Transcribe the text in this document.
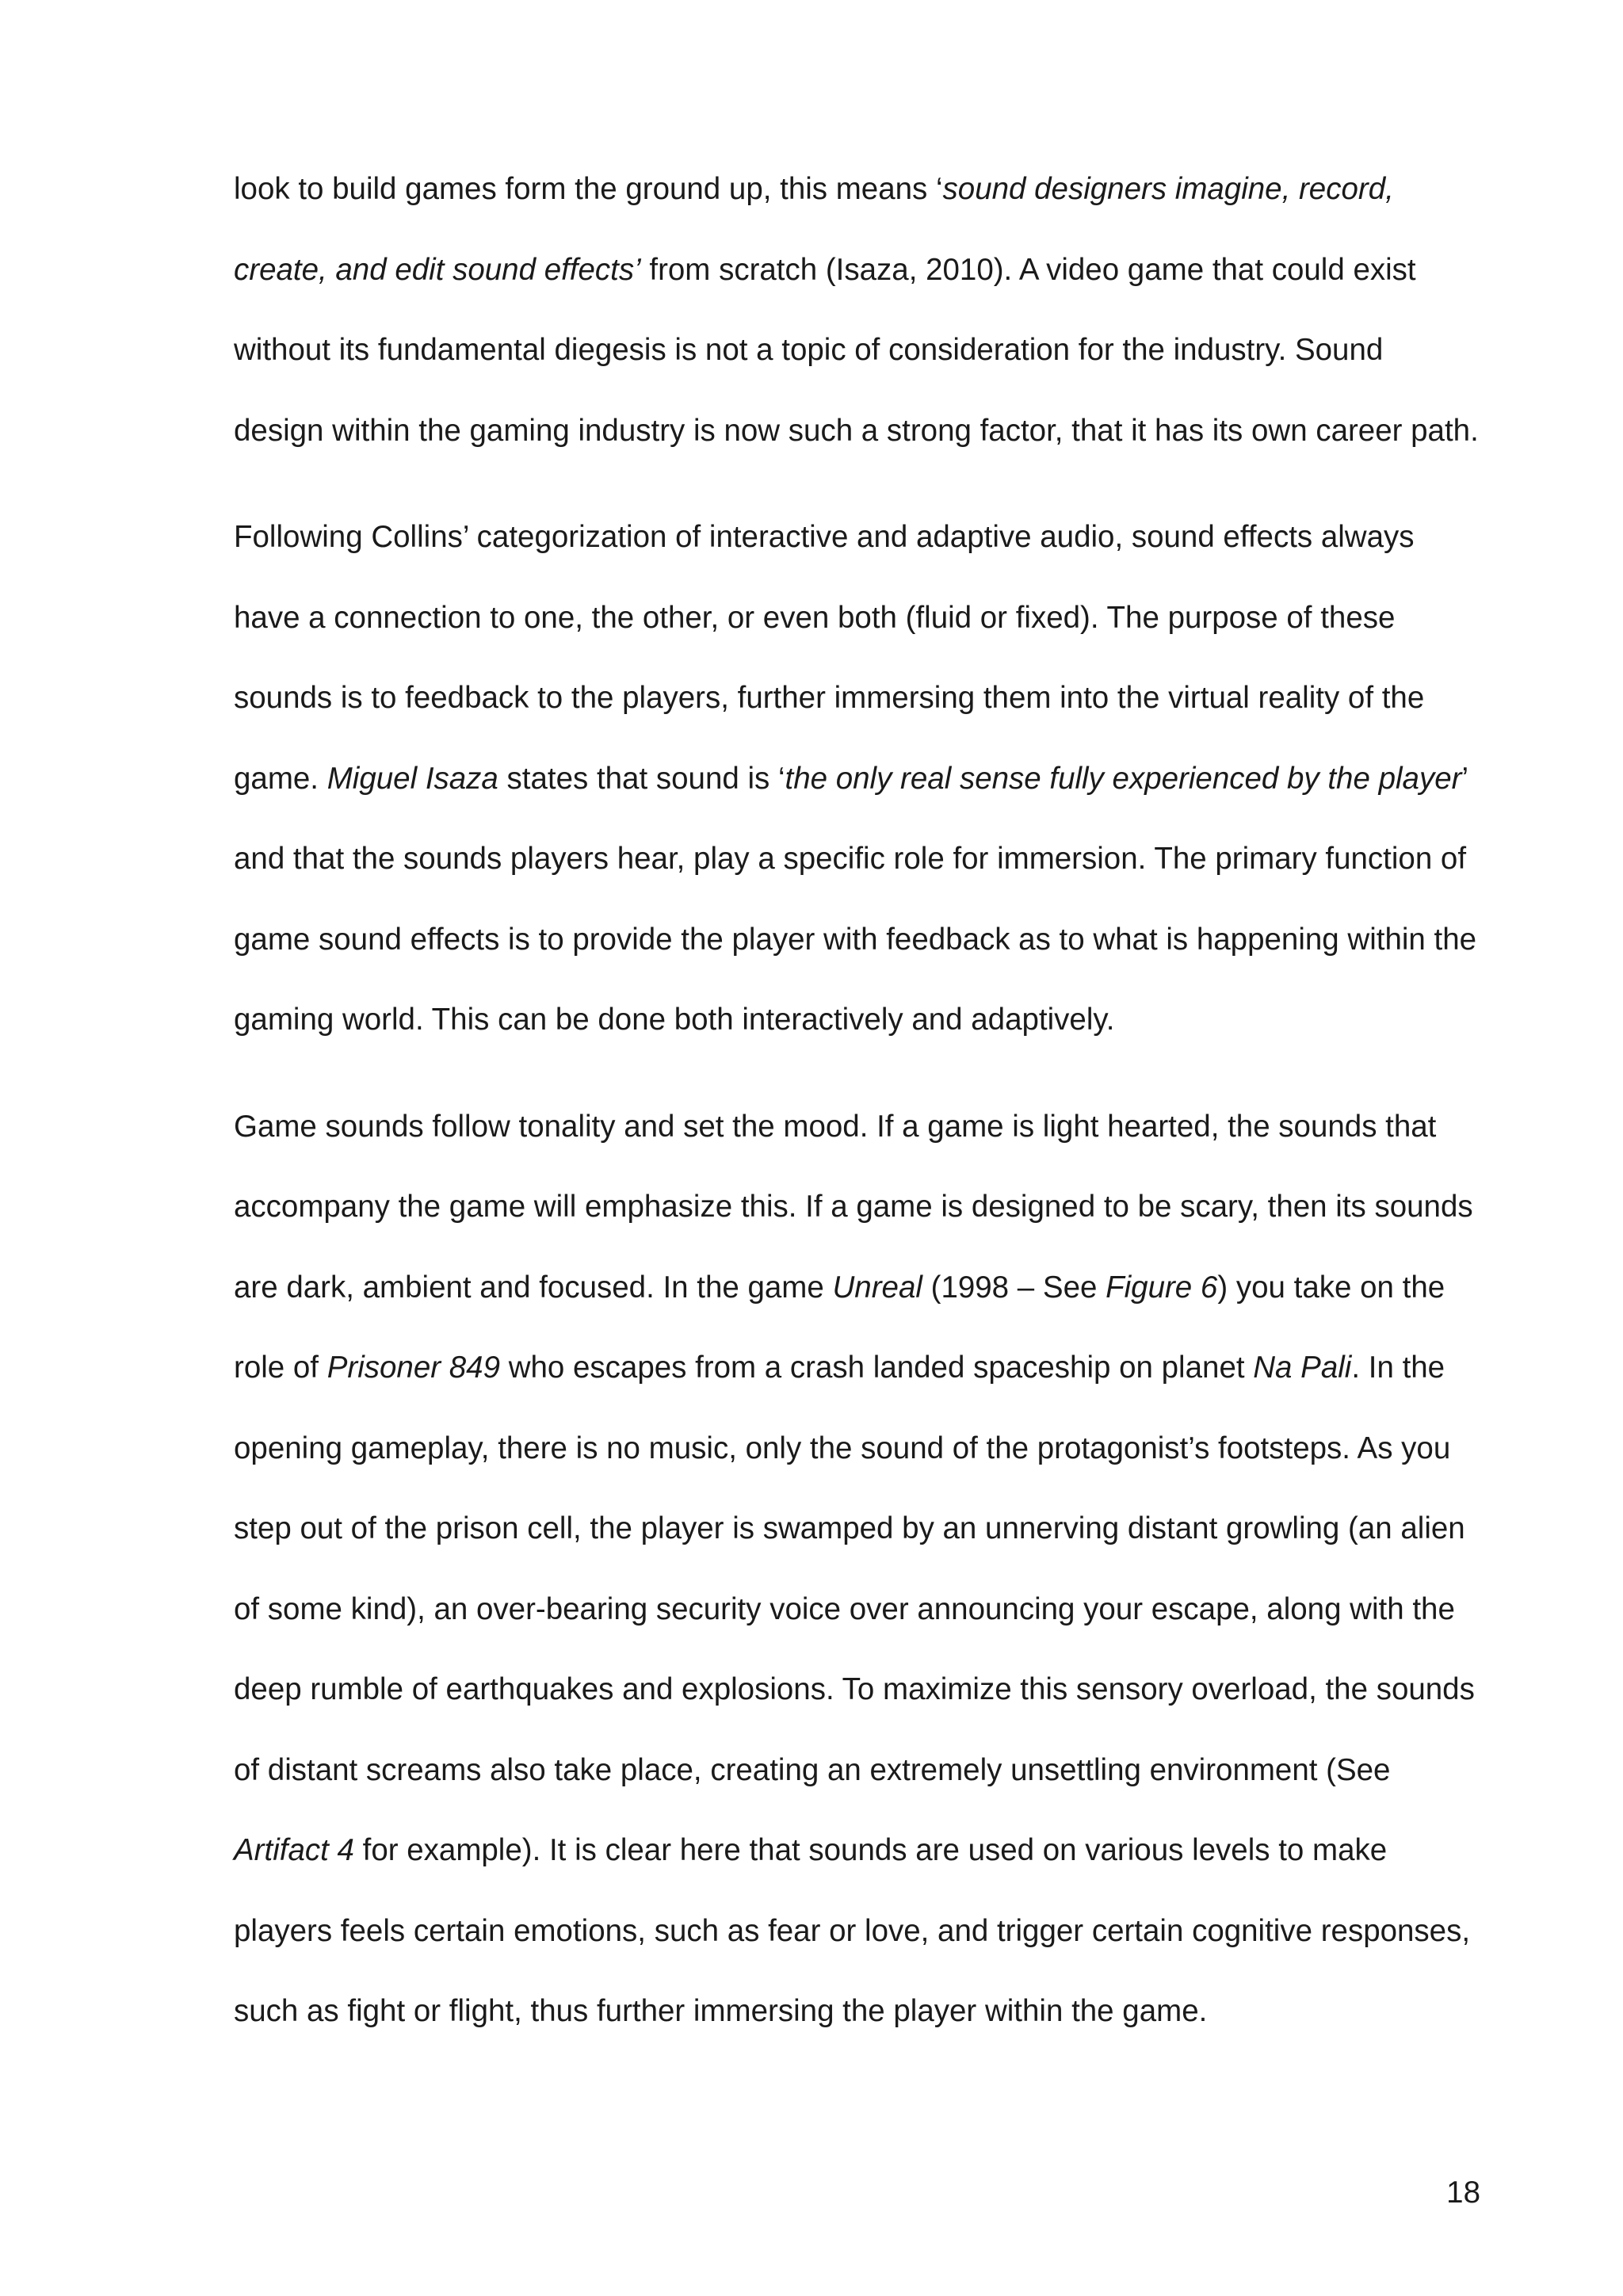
look to build games form the ground up, this means ‘sound designers imagine, record,
create, and edit sound effects’ from scratch (Isaza, 2010). A video game that could exist
without its fundamental diegesis is not a topic of consideration for the industry. Sound
design within the gaming industry is now such a strong factor, that it has its own career path.

Following Collins’ categorization of interactive and adaptive audio, sound effects always
have a connection to one, the other, or even both (fluid or fixed). The purpose of these
sounds is to feedback to the players, further immersing them into the virtual reality of the
game. Miguel Isaza states that sound is ‘the only real sense fully experienced by the player’
and that the sounds players hear, play a specific role for immersion. The primary function of
game sound effects is to provide the player with feedback as to what is happening within the
gaming world. This can be done both interactively and adaptively.

Game sounds follow tonality and set the mood. If a game is light hearted, the sounds that
accompany the game will emphasize this. If a game is designed to be scary, then its sounds
are dark, ambient and focused. In the game Unreal (1998 – See Figure 6) you take on the
role of Prisoner 849 who escapes from a crash landed spaceship on planet Na Pali. In the
opening gameplay, there is no music, only the sound of the protagonist’s footsteps. As you
step out of the prison cell, the player is swamped by an unnerving distant growling (an alien
of some kind), an over-bearing security voice over announcing your escape, along with the
deep rumble of earthquakes and explosions. To maximize this sensory overload, the sounds
of distant screams also take place, creating an extremely unsettling environment (See
Artifact 4 for example). It is clear here that sounds are used on various levels to make
players feels certain emotions, such as fear or love, and trigger certain cognitive responses,
such as fight or flight, thus further immersing the player within the game.

18
